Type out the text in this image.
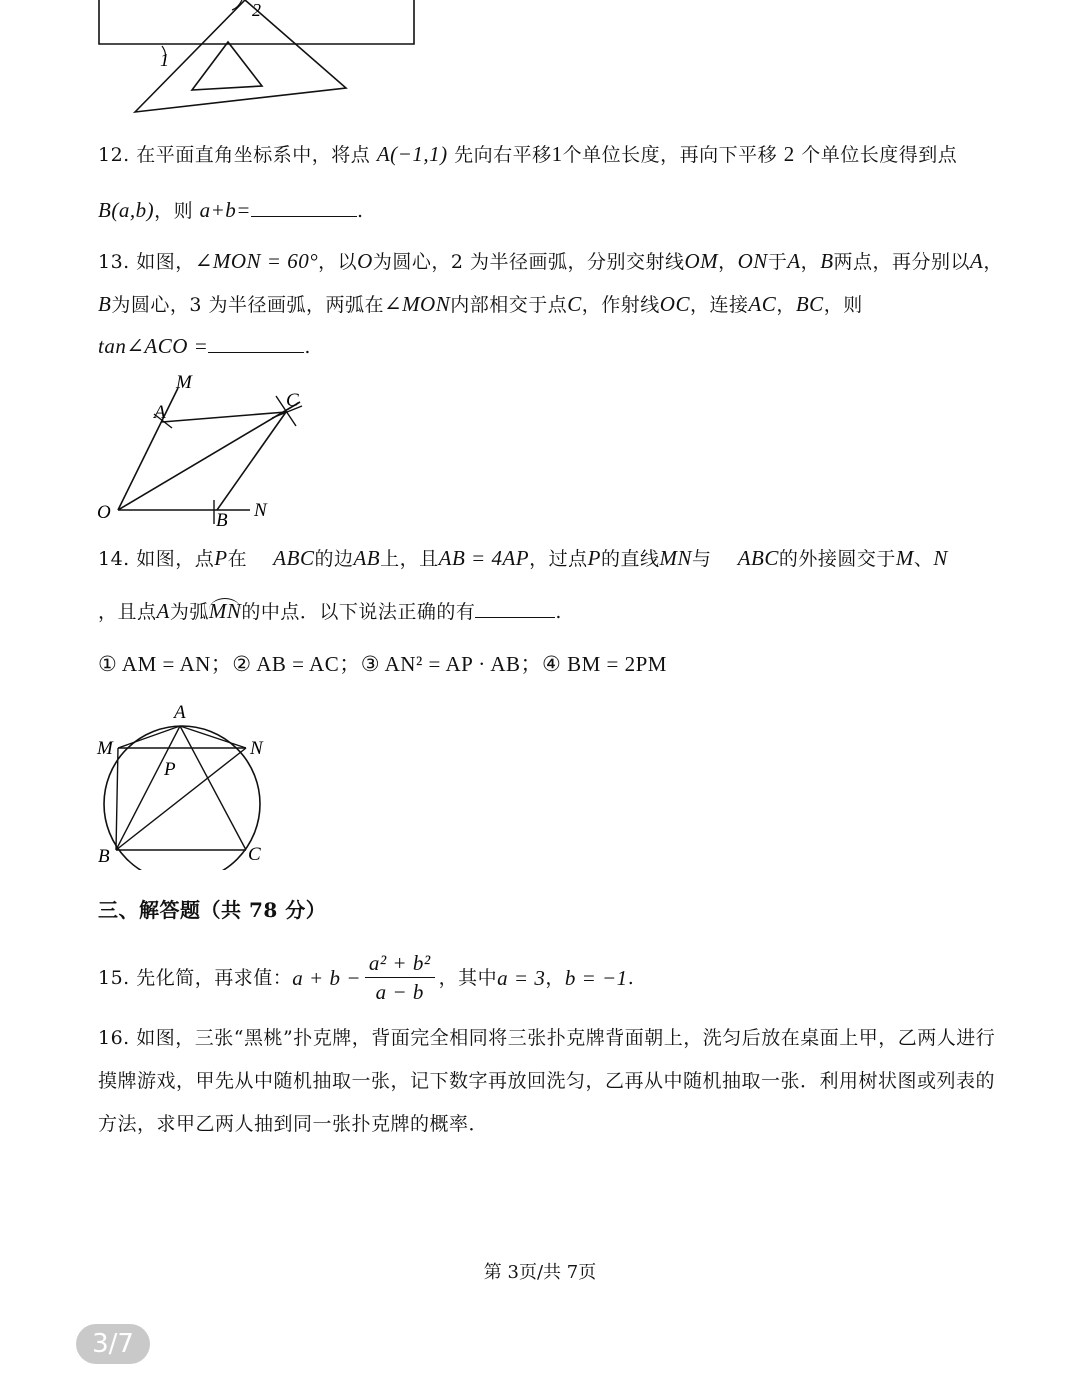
2
1
12. 在平面直角坐标系中，将点 A(−1,1) 先向右平移1个单位长度，再向下平移 2 个单位长度得到点
B(a,b)，则 a+b=	.
13. 如图，∠MON = 60°，以O为圆心，2 为半径画弧，分别交射线OM，ON于A，B两点，再分别以A，
B为圆心，3 为半径画弧，两弧在∠MON内部相交于点C，作射线OC，连接AC，BC，则
tan∠ACO =	.
M
A
C
O	B N
14. 如图，点P在 ABC的边AB上，且AB = 4AP，过点P的直线MN与 ABC的外接圆交于M、N
，且点A为弧MN的中点．以下说法正确的有	.
① AM = AN；② AB = AC；③ AN² = AP · AB；④ BM = 2PM
A
M	N
P
B	C
三、解答题（共 78 分）
15.
先化简，再求值： $a + b - \frac{\text{a² + b²}}{a - b}$ ，其中 a = 3 ， b = −1 .
16. 如图，三张“黑桃”扑克牌，背面完全相同将三张扑克牌背面朝上，洗匀后放在桌面上甲，乙两人进行
摸牌游戏，甲先从中随机抽取一张，记下数字再放回洗匀，乙再从中随机抽取一张．利用树状图或列表的
方法，求甲乙两人抽到同一张扑克牌的概率．
第 3页/共 7页
3/7
